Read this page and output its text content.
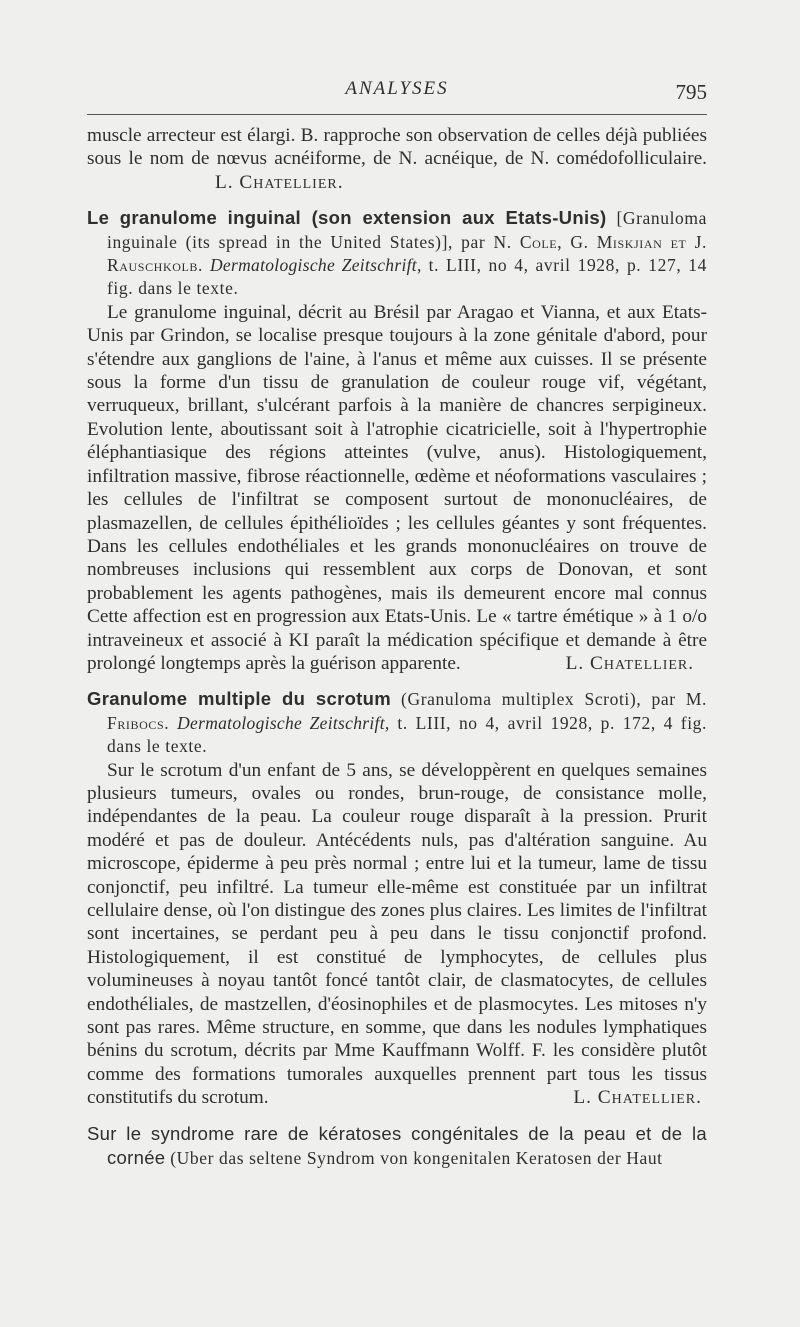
ANALYSES	795

muscle arrecteur est élargi. B. rapproche son observation de celles déjà publiées sous le nom de nœvus acnéiforme, de N. acnéique, de N. comédofolliculaire. L. Chatellier.

Le granulome inguinal (son extension aux Etats-Unis) [Granuloma inguinale (its spread in the United States)], par N. Cole, G. Miskjian et J. Rauschkolb. Dermatologische Zeitschrift, t. LIII, no 4, avril 1928, p. 127, 14 fig. dans le texte.

Le granulome inguinal, décrit au Brésil par Aragao et Vianna, et aux Etats-Unis par Grindon, se localise presque toujours à la zone génitale d'abord, pour s'étendre aux ganglions de l'aine, à l'anus et même aux cuisses. Il se présente sous la forme d'un tissu de granulation de couleur rouge vif, végétant, verruqueux, brillant, s'ulcérant parfois à la manière de chancres serpigineux. Evolution lente, aboutissant soit à l'atrophie cicatricielle, soit à l'hypertrophie éléphantiasique des régions atteintes (vulve, anus). Histologiquement, infiltration massive, fibrose réactionnelle, œdème et néoformations vasculaires ; les cellules de l'infiltrat se composent surtout de mononucléaires, de plasmazellen, de cellules épithélioïdes ; les cellules géantes y sont fréquentes. Dans les cellules endothéliales et les grands mononucléaires on trouve de nombreuses inclusions qui ressemblent aux corps de Donovan, et sont probablement les agents pathogènes, mais ils demeurent encore mal connus Cette affection est en progression aux Etats-Unis. Le « tartre émétique » à 1 o/o intraveineux et associé à KI paraît la médication spécifique et demande à être prolongé longtemps après la guérison apparente.	L. Chatellier.

Granulome multiple du scrotum (Granuloma multiplex Scroti), par M. Fribocs. Dermatologische Zeitschrift, t. LIII, no 4, avril 1928, p. 172, 4 fig. dans le texte.

Sur le scrotum d'un enfant de 5 ans, se développèrent en quelques semaines plusieurs tumeurs, ovales ou rondes, brun-rouge, de consistance molle, indépendantes de la peau. La couleur rouge disparaît à la pression. Prurit modéré et pas de douleur. Antécédents nuls, pas d'altération sanguine. Au microscope, épiderme à peu près normal ; entre lui et la tumeur, lame de tissu conjonctif, peu infiltré. La tumeur elle-même est constituée par un infiltrat cellulaire dense, où l'on distingue des zones plus claires. Les limites de l'infiltrat sont incertaines, se perdant peu à peu dans le tissu conjonctif profond. Histologiquement, il est constitué de lymphocytes, de cellules plus volumineuses à noyau tantôt foncé tantôt clair, de clasmatocytes, de cellules endothéliales, de mastzellen, d'éosinophiles et de plasmocytes. Les mitoses n'y sont pas rares. Même structure, en somme, que dans les nodules lymphatiques bénins du scrotum, décrits par Mme Kauffmann Wolff. F. les considère plutôt comme des formations tumorales auxquelles prennent part tous les tissus constitutifs du scrotum.	L. Chatellier.

Sur le syndrome rare de kératoses congénitales de la peau et de la cornée (Uber das seltene Syndrom von kongenitalen Keratosen der Haut
